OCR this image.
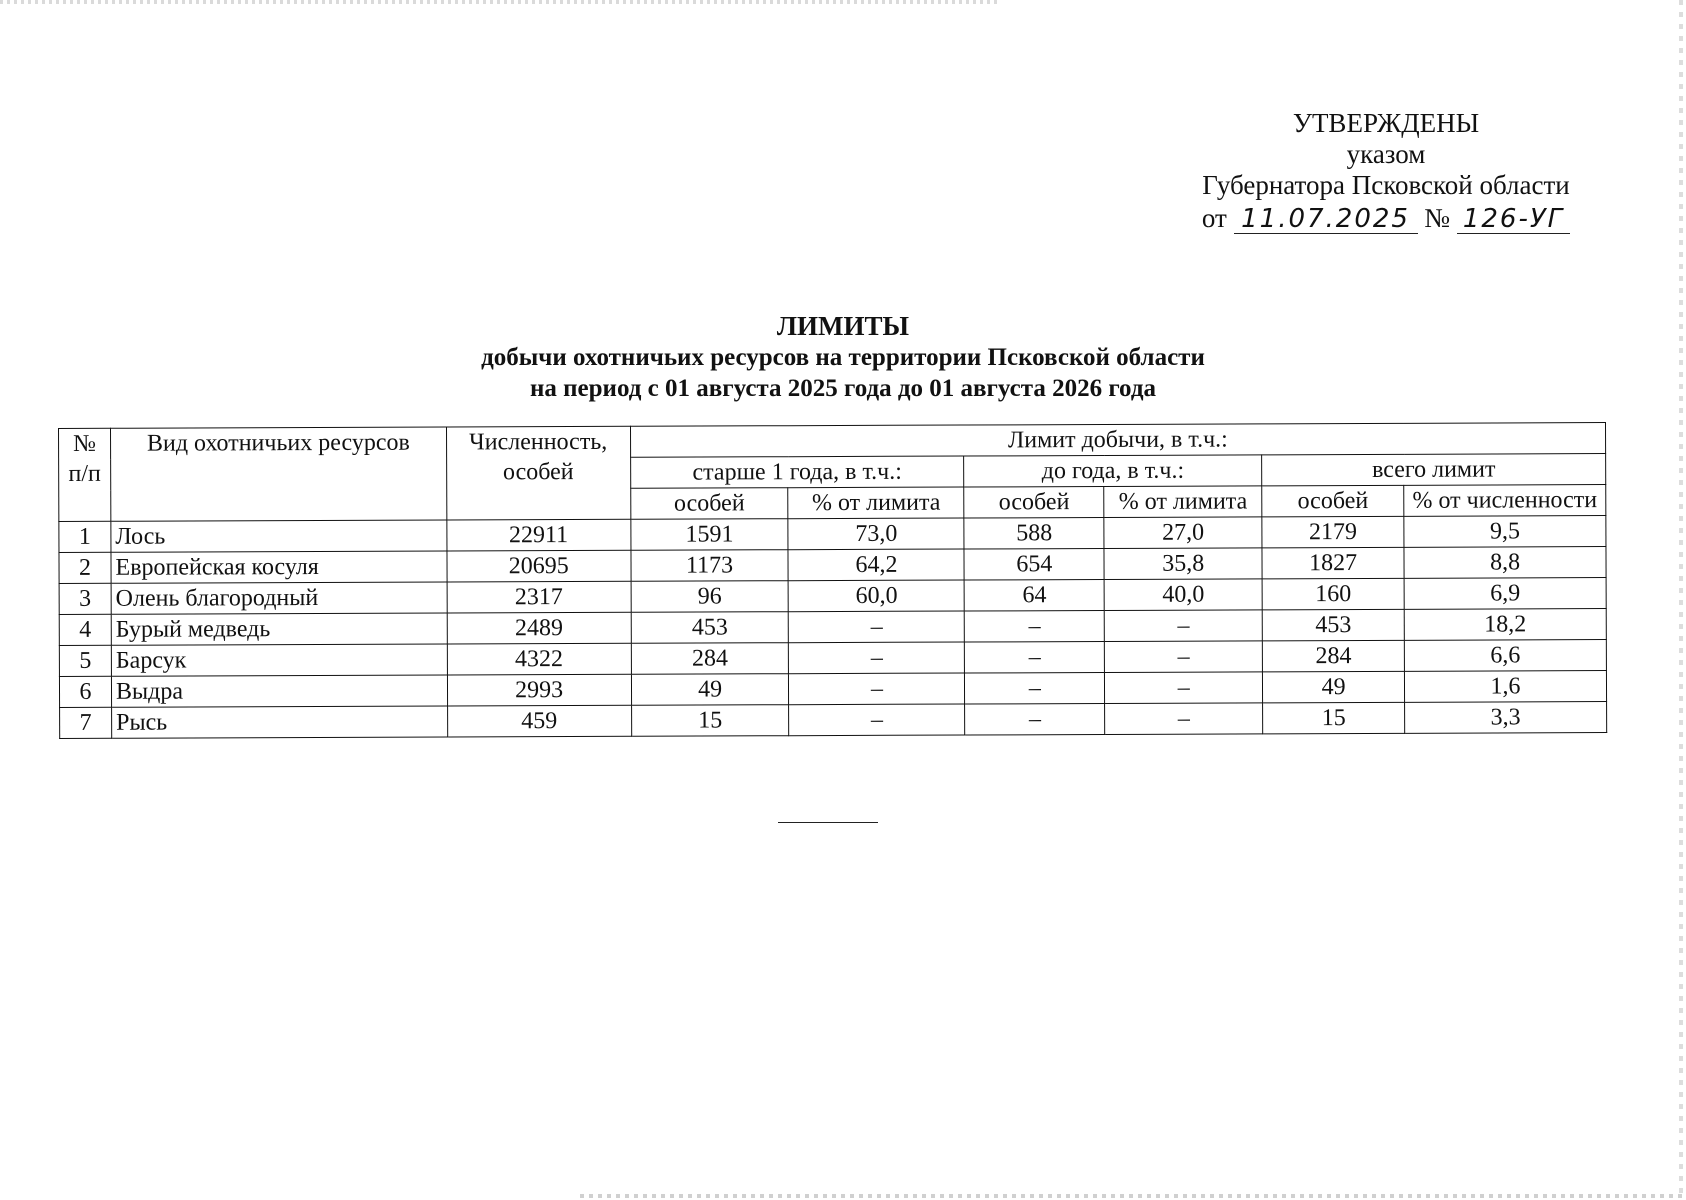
УТВЕРЖДЕНЫ
указом
Губернатора Псковской области
от 11.07.2025 № 126-УГ
ЛИМИТЫ
добычи охотничьих ресурсов на территории Псковской области
на период с 01 августа 2025 года до 01 августа 2026 года
№ п/п	Вид охотничьих ресурсов	Численность, особей	Лимит добычи, в т.ч.:					
			старше 1 года, в т.ч.:		до года, в т.ч.:		всего лимит	
			особей	% от лимита	особей	% от лимита	особей	% от численности
1	Лось	22911	1591	73,0	588	27,0	2179	9,5
2	Европейская косуля	20695	1173	64,2	654	35,8	1827	8,8
3	Олень благородный	2317	96	60,0	64	40,0	160	6,9
4	Бурый медведь	2489	453	–	–	–	453	18,2
5	Барсук	4322	284	–	–	–	284	6,6
6	Выдра	2993	49	–	–	–	49	1,6
7	Рысь	459	15	–	–	–	15	3,3
